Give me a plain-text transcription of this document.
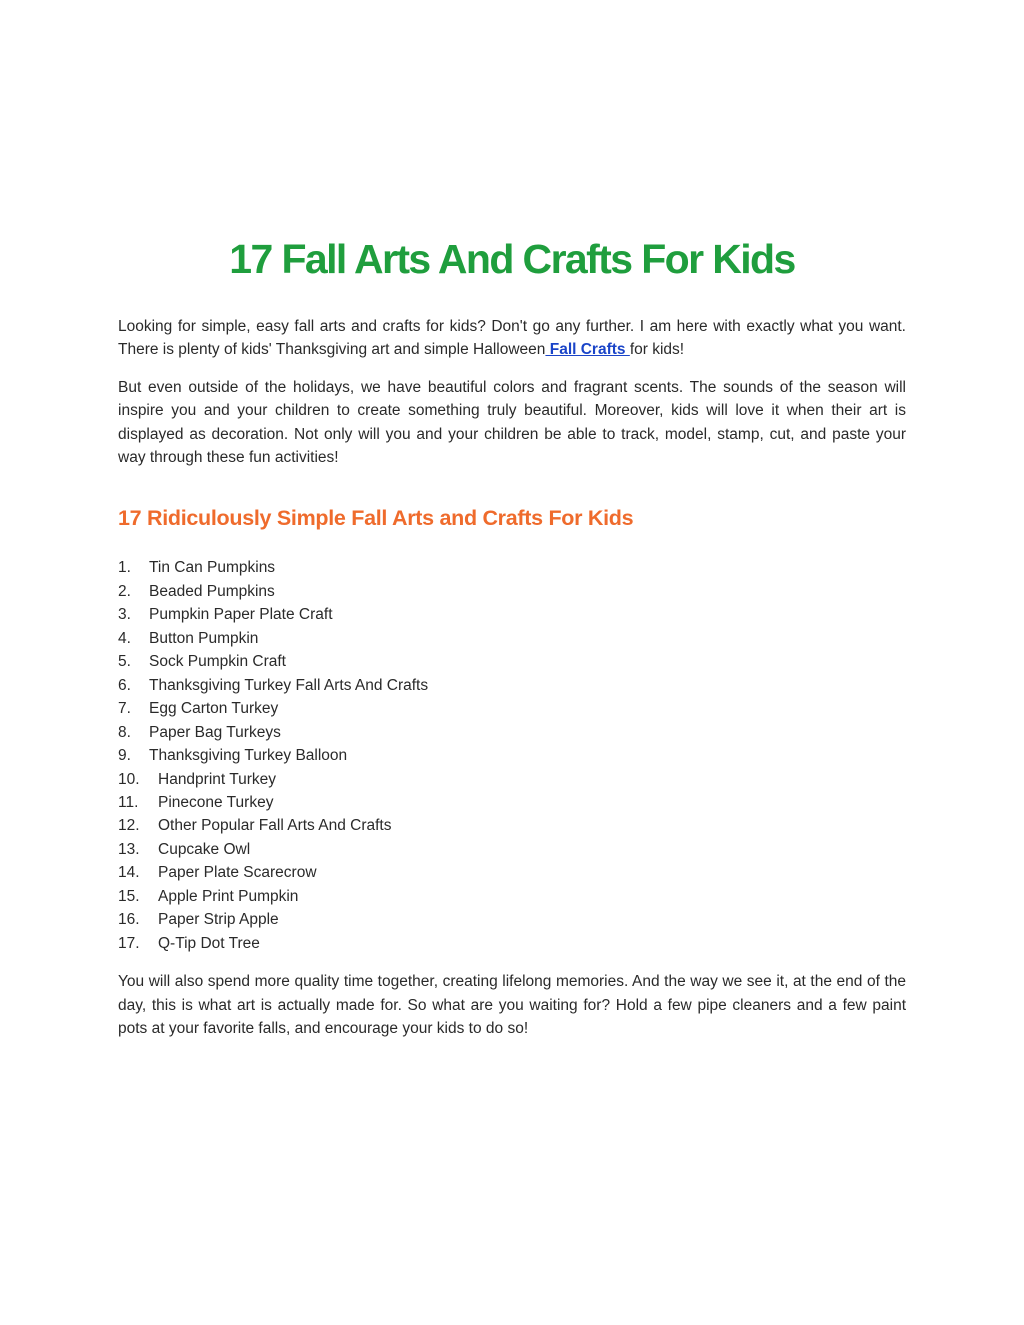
17 Fall Arts And Crafts For Kids

Looking for simple, easy fall arts and crafts for kids? Don't go any further. I am here with exactly what you want. There is plenty of kids' Thanksgiving art and simple Halloween Fall Crafts for kids!

But even outside of the holidays, we have beautiful colors and fragrant scents. The sounds of the season will inspire you and your children to create something truly beautiful. Moreover, kids will love it when their art is displayed as decoration. Not only will you and your children be able to track, model, stamp, cut, and paste your way through these fun activities!

17 Ridiculously Simple Fall Arts and Crafts For Kids
1.	Tin Can Pumpkins
2.	Beaded Pumpkins
3.	Pumpkin Paper Plate Craft
4.	Button Pumpkin
5.	Sock Pumpkin Craft
6.	Thanksgiving Turkey Fall Arts And Crafts
7.	Egg Carton Turkey
8.	Paper Bag Turkeys
9.	Thanksgiving Turkey Balloon
10.	Handprint Turkey
11.	Pinecone Turkey
12.	Other Popular Fall Arts And Crafts
13.	Cupcake Owl
14.	Paper Plate Scarecrow
15.	Apple Print Pumpkin
16.	Paper Strip Apple
17.	Q-Tip Dot Tree

You will also spend more quality time together, creating lifelong memories. And the way we see it, at the end of the day, this is what art is actually made for. So what are you waiting for? Hold a few pipe cleaners and a few paint pots at your favorite falls, and encourage your kids to do so!
